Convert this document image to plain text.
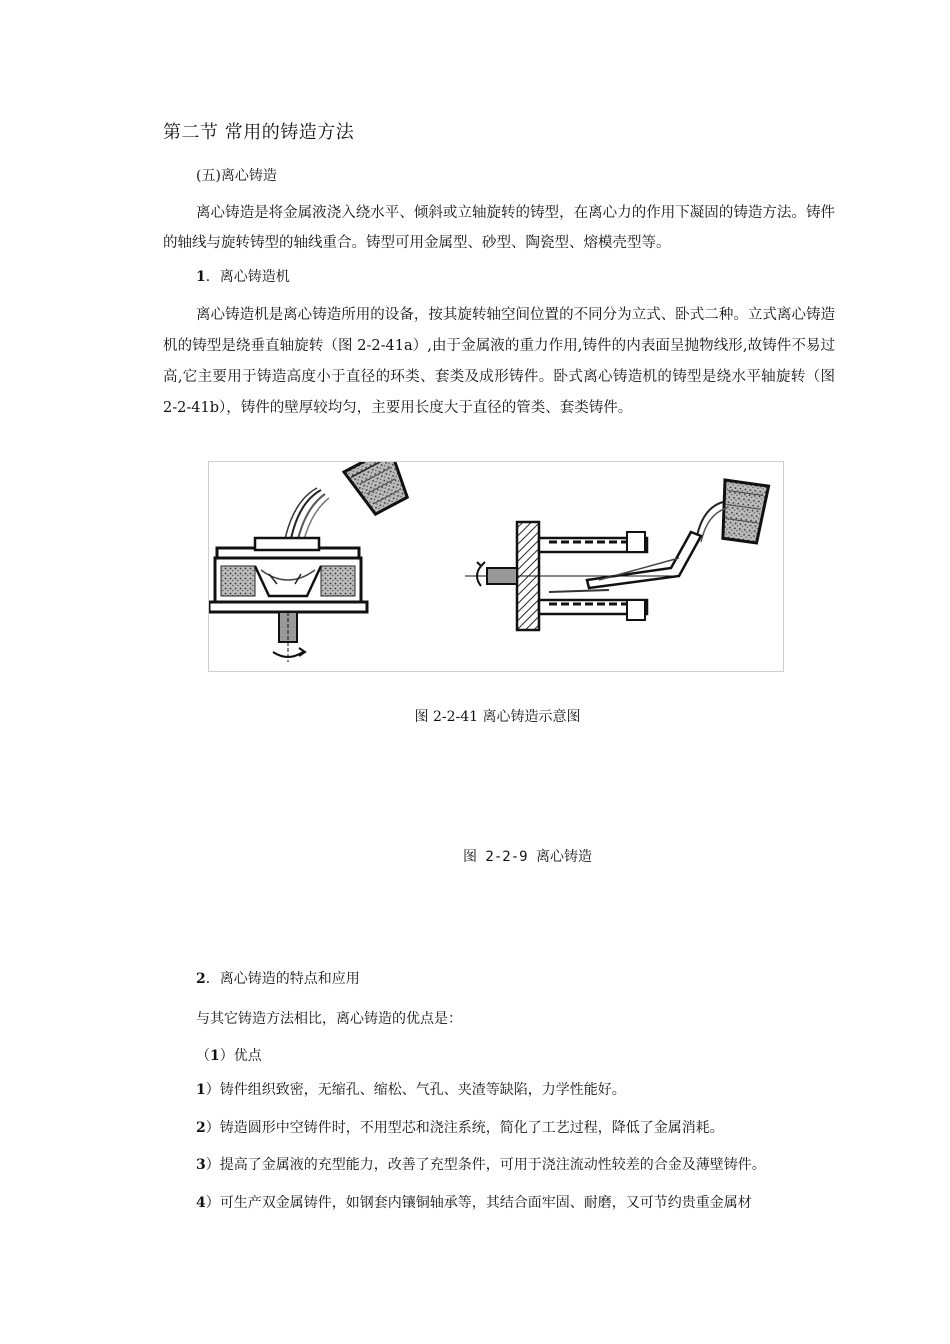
第二节 常用的铸造方法
(五)离心铸造
离心铸造是将金属液浇入绕水平、倾斜或立轴旋转的铸型，在离心力的作用下凝固的铸造方法。铸件的轴线与旋转铸型的轴线重合。铸型可用金属型、砂型、陶瓷型、熔模壳型等。
1．离心铸造机
离心铸造机是离心铸造所用的设备，按其旋转轴空间位置的不同分为立式、卧式二种。立式离心铸造机的铸型是绕垂直轴旋转（图 2-2-41a）,由于金属液的重力作用,铸件的内表面呈抛物线形,故铸件不易过高,它主要用于铸造高度小于直径的环类、套类及成形铸件。卧式离心铸造机的铸型是绕水平轴旋转（图 2-2-41b），铸件的壁厚较均匀，主要用长度大于直径的管类、套类铸件。
图 2-2-41 离心铸造示意图
图 2-2-9 离心铸造
2．离心铸造的特点和应用
与其它铸造方法相比，离心铸造的优点是：
（1）优点
1）铸件组织致密，无缩孔、缩松、气孔、夹渣等缺陷，力学性能好。
2）铸造圆形中空铸件时，不用型芯和浇注系统，简化了工艺过程，降低了金属消耗。
3）提高了金属液的充型能力，改善了充型条件，可用于浇注流动性较差的合金及薄壁铸件。
4）可生产双金属铸件，如钢套内镶铜轴承等，其结合面牢固、耐磨，又可节约贵重金属材
